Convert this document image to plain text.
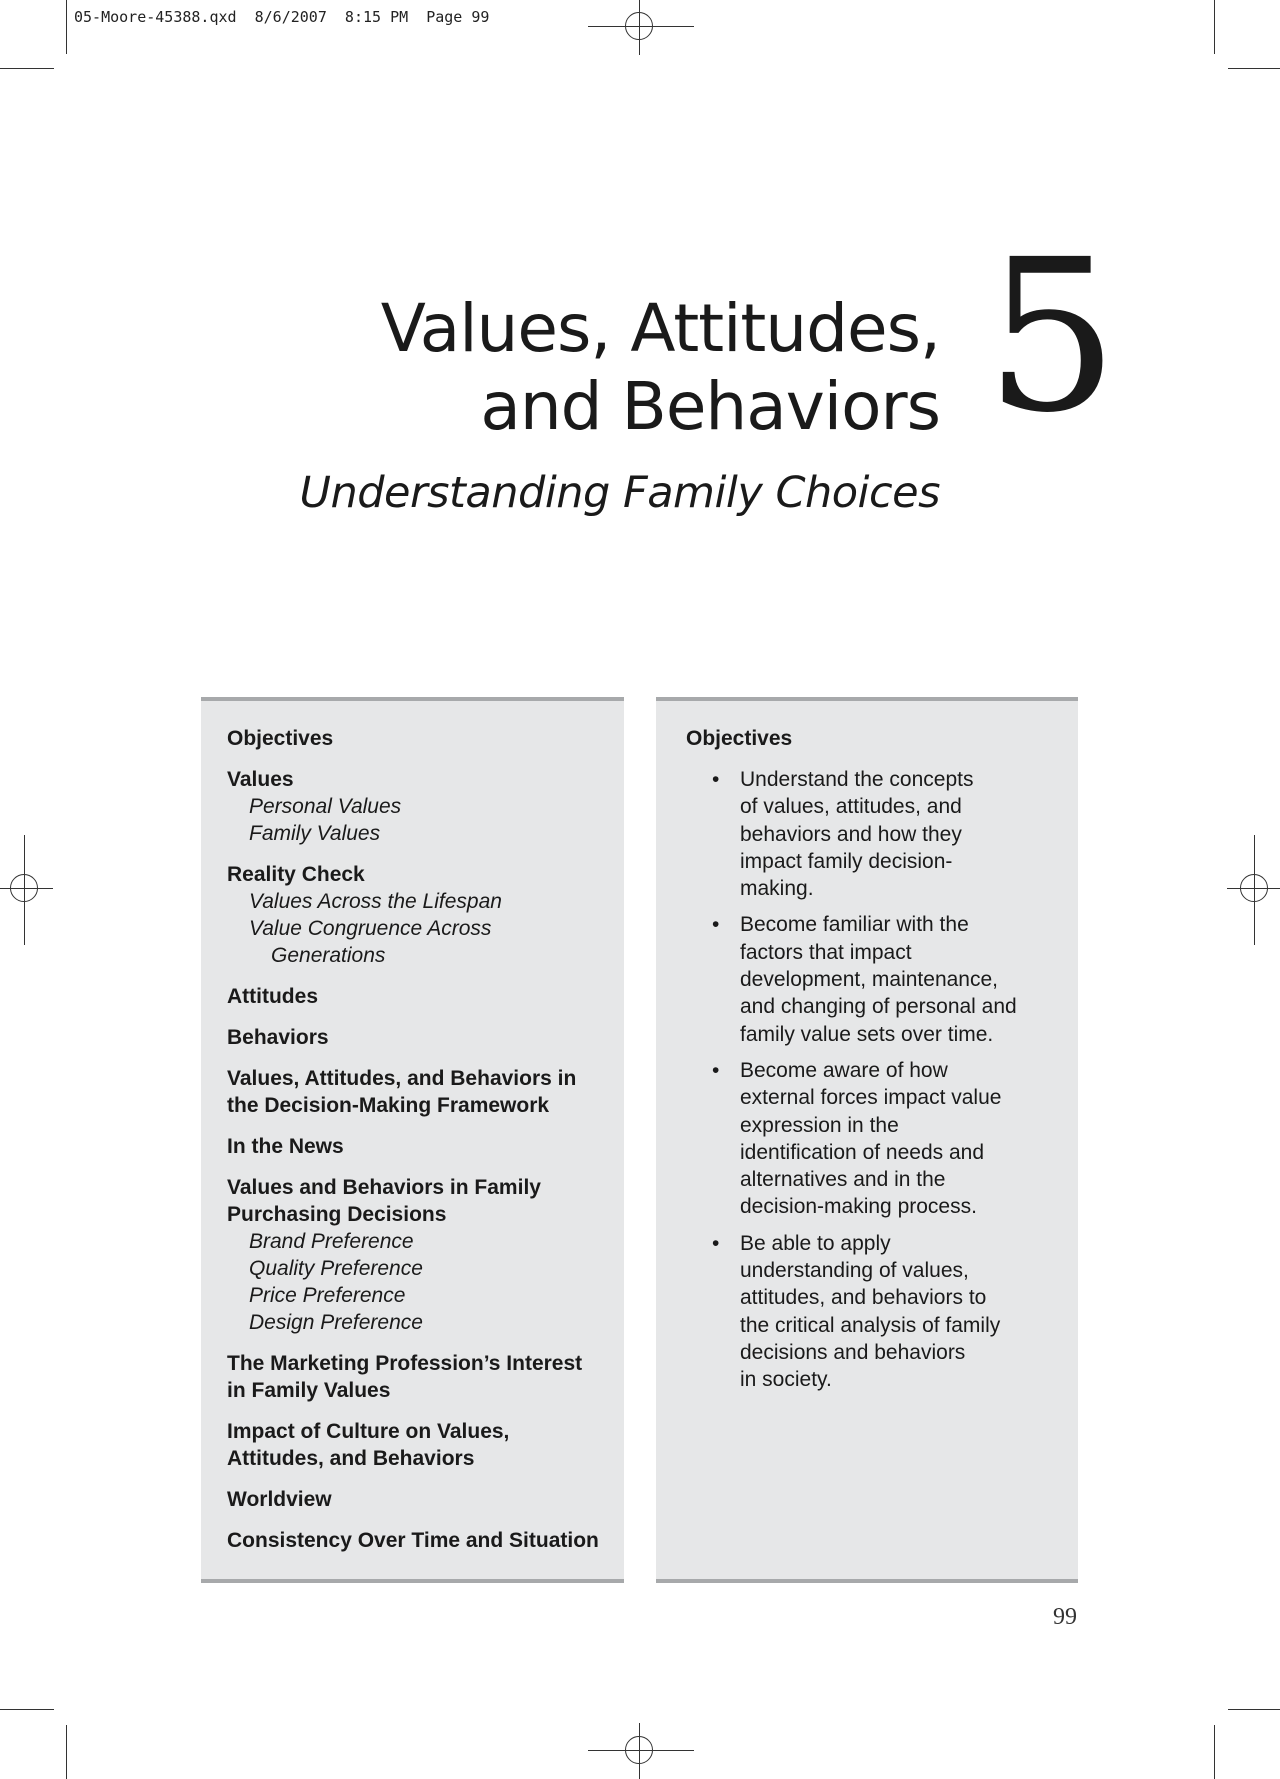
05-Moore-45388.qxd  8/6/2007  8:15 PM  Page 99
Values, Attitudes,
and Behaviors 5
Understanding Family Choices
Objectives
Values
Personal Values
Family Values
Reality Check
Values Across the Lifespan
Value Congruence Across
Generations
Attitudes
Behaviors
Values, Attitudes, and Behaviors in
the Decision-Making Framework
In the News
Values and Behaviors in Family
Purchasing Decisions
Brand Preference
Quality Preference
Price Preference
Design Preference
The Marketing Profession’s Interest
in Family Values
Impact of Culture on Values,
Attitudes, and Behaviors
Worldview
Consistency Over Time and Situation
Objectives
• Understand the concepts
of values, attitudes, and
behaviors and how they
impact family decision-
making.
• Become familiar with the
factors that impact
development, maintenance,
and changing of personal and
family value sets over time.
• Become aware of how
external forces impact value
expression in the
identification of needs and
alternatives and in the
decision-making process.
• Be able to apply
understanding of values,
attitudes, and behaviors to
the critical analysis of family
decisions and behaviors
in society.
99
